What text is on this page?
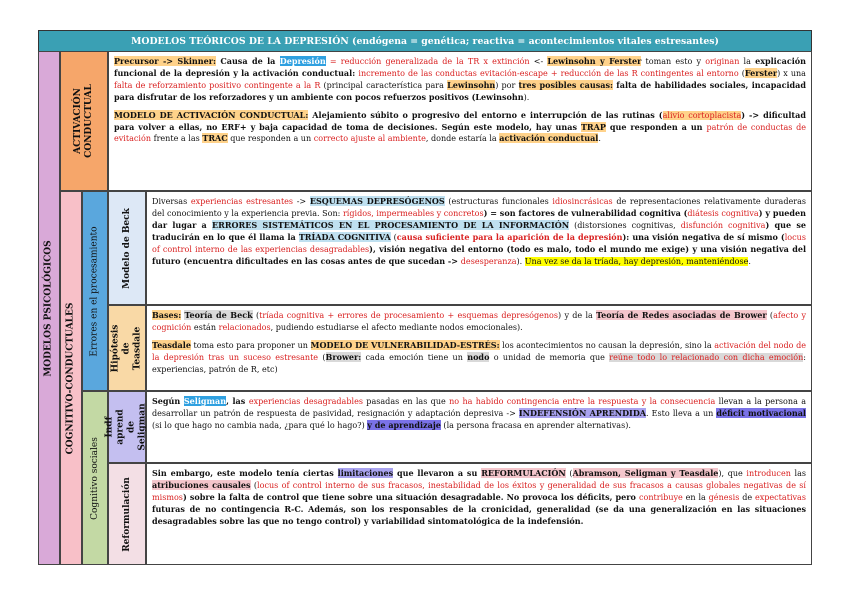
MODELOS TEÓRICOS DE LA DEPRESIÓN (endógena = genética; reactiva = acontecimientos vitales estresantes)
MODELOS PSICOLÓGICOS
ACTIVACIÓN CONDUCTUAL
COGNITIVO-CONDUCTUALES
Errores en el procesamiento Modelo de Beck
Hipótesis de Teasdale
Cognitivo sociales
Indf aprend de Seligman
Reformulación

Precursor -> Skinner: Causa de la Depresión = reducción generalizada de la TR x extinción <- Lewinsohn y Ferster toman esto y originan la explicación funcional de la depresión y la activación conductual: incremento de las conductas evitación-escape + reducción de las R contingentes al entorno (Ferster) x una falta de reforzamiento positivo contingente a la R (principal característica para Lewinsohn) por tres posibles causas: falta de habilidades sociales, incapacidad para disfrutar de los reforzadores y un ambiente con pocos refuerzos positivos (Lewinsohn).

MODELO DE ACTIVACIÓN CONDUCTUAL: Alejamiento súbito o progresivo del entorno e interrupción de las rutinas (alivio cortoplacista) -> dificultad para volver a ellas, no ERF+ y baja capacidad de toma de decisiones. Según este modelo, hay unas TRAP que responden a un patrón de conductas de evitación frente a las TRAC que responden a un correcto ajuste al ambiente, donde estaría la activación conductual.

Diversas experiencias estresantes -> ESQUEMAS DEPRESÓGENOS (estructuras funcionales idiosincrásicas de representaciones relativamente duraderas del conocimiento y la experiencia previa. Son: rígidos, impermeables y concretos) = son factores de vulnerabilidad cognitiva (diátesis cognitiva) y pueden dar lugar a ERRORES SISTEMÁTICOS EN EL PROCESAMIENTO DE LA INFORMACIÓN (distorsiones cognitivas, disfunción cognitiva) que se traducirán en lo que él llama la TRÍADA COGNITIVA (causa suficiente para la aparición de la depresión): una visión negativa de sí mismo (locus of control interno de las experiencias desagradables), visión negativa del entorno (todo es malo, todo el mundo me exige) y una visión negativa del futuro (encuentra dificultades en las cosas antes de que sucedan -> desesperanza). Una vez se da la tríada, hay depresión, manteniéndose.

Bases: Teoría de Beck (tríada cognitiva + errores de procesamiento + esquemas depresógenos) y de la Teoría de Redes asociadas de Brower (afecto y cognición están relacionados, pudiendo estudiarse el afecto mediante nodos emocionales).

Teasdale toma esto para proponer un MODELO DE VULNERABILIDAD-ESTRÉS: los acontecimientos no causan la depresión, sino la activación del nodo de la depresión tras un suceso estresante (Brower: cada emoción tiene un nodo o unidad de memoria que reúne todo lo relacionado con dicha emoción: experiencias, patrón de R, etc)

Según Seligman, las experiencias desagradables pasadas en las que no ha habido contingencia entre la respuesta y la consecuencia llevan a la persona a desarrollar un patrón de respuesta de pasividad, resignación y adaptación depresiva -> INDEFENSIÓN APRENDIDA. Esto lleva a un déficit motivacional (si lo que hago no cambia nada, ¿para qué lo hago?) y de aprendizaje (la persona fracasa en aprender alternativas).

Sin embargo, este modelo tenía ciertas limitaciones que llevaron a su REFORMULACIÓN (Abramson, Seligman y Teasdale), que introducen las atribuciones causales (locus of control interno de sus fracasos, inestabilidad de los éxitos y generalidad de sus fracasos a causas globales negativas de sí mismos) sobre la falta de control que tiene sobre una situación desagradable. No provoca los déficits, pero contribuye en la génesis de expectativas futuras de no contingencia R-C. Además, son los responsables de la cronicidad, generalidad (se da una generalización en las situaciones desagradables sobre las que no tengo control) y variabilidad sintomatológica de la indefensión.
